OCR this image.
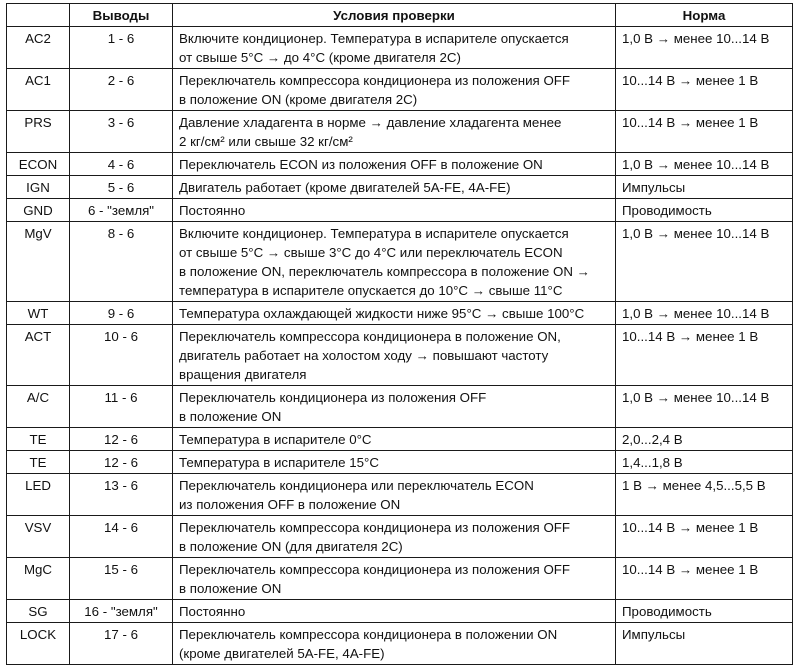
	Выводы	Условия проверки	Норма
AC2	1 - 6	Включите кондиционер. Температура в испарителе опускается
от свыше 5°С → до 4°С (кроме двигателя 2С)	1,0 В → менее 10...14 В
AC1	2 - 6	Переключатель компрессора кондиционера из положения OFF
в положение ON (кроме двигателя 2С)	10...14 В → менее 1 В
PRS	3 - 6	Давление хладагента в норме → давление хладагента менее
2 кг/см² или свыше 32 кг/см²	10...14 В → менее 1 В
ECON	4 - 6	Переключатель ECON из положения OFF в положение ON	1,0 В → менее 10...14 В
IGN	5 - 6	Двигатель работает (кроме двигателей 5A-FE, 4A-FE)	Импульсы
GND	6 - "земля"	Постоянно	Проводимость
MgV	8 - 6	Включите кондиционер. Температура в испарителе опускается
от свыше 5°С → свыше 3°С до 4°С или переключатель ECON
в положение ON, переключатель компрессора в положение ON →
температура в испарителе опускается до 10°С → свыше 11°С	1,0 В → менее 10...14 В
WT	9 - 6	Температура охлаждающей жидкости ниже 95°С → свыше 100°С	1,0 В → менее 10...14 В
ACT	10 - 6	Переключатель компрессора кондиционера в положение ON,
двигатель работает на холостом ходу → повышают частоту
вращения двигателя	10...14 В → менее 1 В
A/C	11 - 6	Переключатель кондиционера из положения OFF
в положение ON	1,0 В → менее 10...14 В
TE	12 - 6	Температура в испарителе 0°С	2,0...2,4 В
TE	12 - 6	Температура в испарителе 15°С	1,4...1,8 В
LED	13 - 6	Переключатель кондиционера или переключатель ECON
из положения OFF в положение ON	1 В → менее 4,5...5,5 В
VSV	14 - 6	Переключатель компрессора кондиционера из положения OFF
в положение ON (для двигателя 2С)	10...14 В → менее 1 В
MgC	15 - 6	Переключатель компрессора кондиционера из положения OFF
в положение ON	10...14 В → менее 1 В
SG	16 - "земля"	Постоянно	Проводимость
LOCK	17 - 6	Переключатель компрессора кондиционера в положении ON
(кроме двигателей 5A-FE, 4A-FE)	Импульсы
